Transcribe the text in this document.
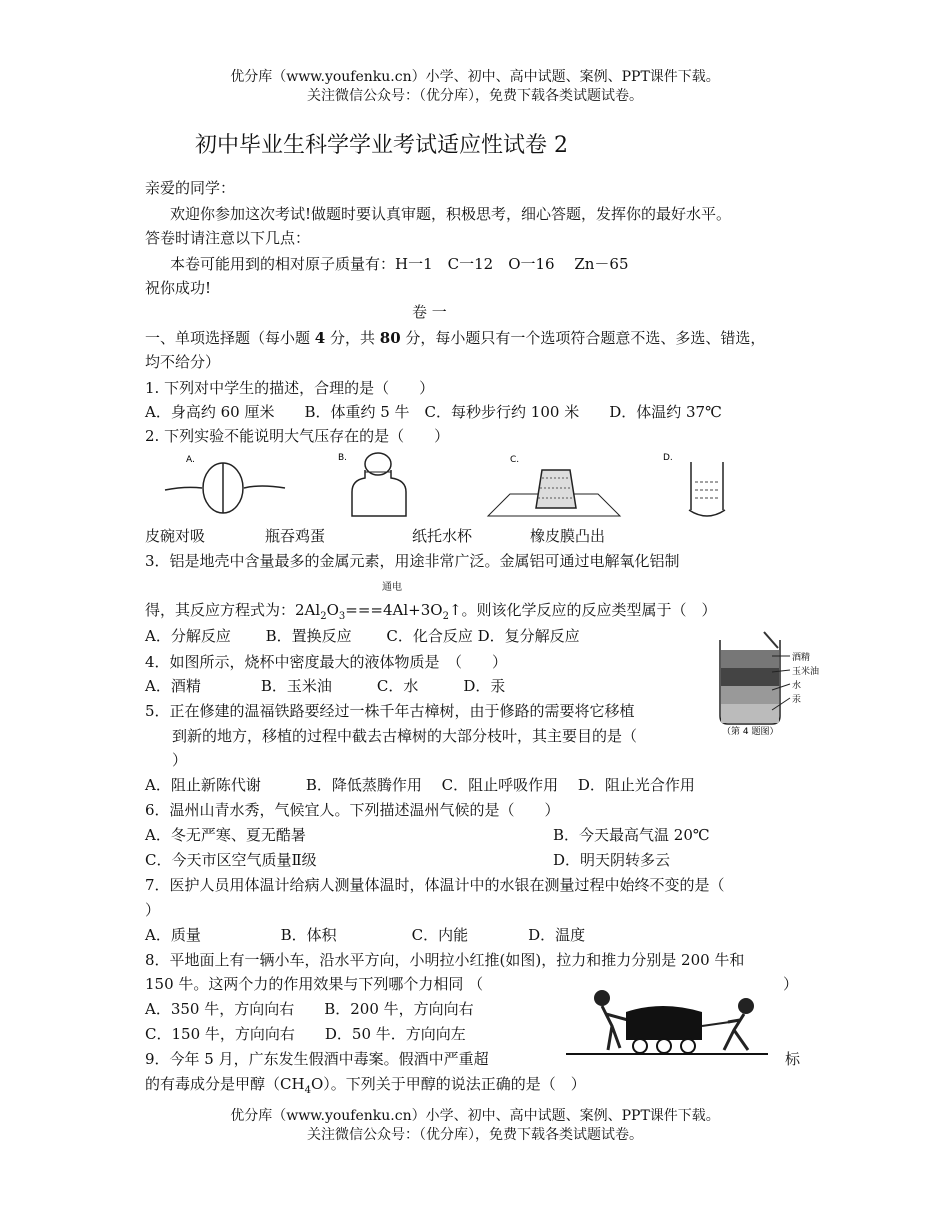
优分库（www.youfenku.cn）小学、初中、高中试题、案例、PPT课件下载。
关注微信公众号：（优分库），免费下载各类试题试卷。
初中毕业生科学学业考试适应性试卷 2
亲爱的同学：
欢迎你参加这次考试!做题时要认真审题，积极思考，细心答题，发挥你的最好水平。
答卷时请注意以下几点：
本卷可能用到的相对原子质量有：H一1　C一12　O一16　 Zn－65
祝你成功!
卷 一
一、单项选择题（每小题 4 分，共 80 分，每小题只有一个选项符合题意不选、多选、错选，
均不给分）
1. 下列对中学生的描述，合理的是（　　）
A．身高约 60 厘米　　B．体重约 5 牛　C．每秒步行约 100 米　　D．体温约 37℃
2. 下列实验不能说明大气压存在的是（　　）
A.	B.	C.	D.
皮碗对吸	瓶吞鸡蛋	纸托水杯	橡皮膜凸出
3．铝是地壳中含量最多的金属元素，用途非常广泛。金属铝可通过电解氧化铝制
通电
得，其反应方程式为：$2Al_2O_3===4Al+3O_2↑$。则该化学反应的反应类型属于（　）
A．分解反应　　 B．置换反应　　 C．化合反应 D．复分解反应
酒精
玉米油
水
汞
（第 4 题图）
4．如图所示，烧杯中密度最大的液体物质是　（　　）
A．酒精　　　　B．玉米油　　　C．水　　　D．汞
5．正在修建的温福铁路要经过一株千年古樟树，由于修路的需要将它移植
到新的地方，移植的过程中截去古樟树的大部分枝叶，其主要目的是（
）
A．阻止新陈代谢　　　B．降低蒸腾作用　 C．阻止呼吸作用　 D．阻止光合作用
6．温州山青水秀，气候宜人。下列描述温州气候的是（　　）
A．冬无严寒、夏无酷暑	B．今天最高气温 20℃
C．今天市区空气质量Ⅱ级	D．明天阴转多云
7．医护人员用体温计给病人测量体温时，体温计中的水银在测量过程中始终不变的是（
）
A．质量　　　　　 B．体积　　　　　C．内能　　　　D．温度
8．平地面上有一辆小车，沿水平方向，小明拉小红推(如图)，拉力和推力分别是 200 牛和
150 牛。这两个力的作用效果与下列哪个力相同 （	）
A．350 牛，方向向右　　B．200 牛，方向向右
C．150 牛，方向向右　　D．50 牛．方向向左
9．今年 5 月，广东发生假酒中毒案。假酒中严重超	标
的有毒成分是甲醇$(CH_4O)$。下列关于甲醇的说法正确的是（　）
优分库（www.youfenku.cn）小学、初中、高中试题、案例、PPT课件下载。
关注微信公众号：（优分库），免费下载各类试题试卷。
